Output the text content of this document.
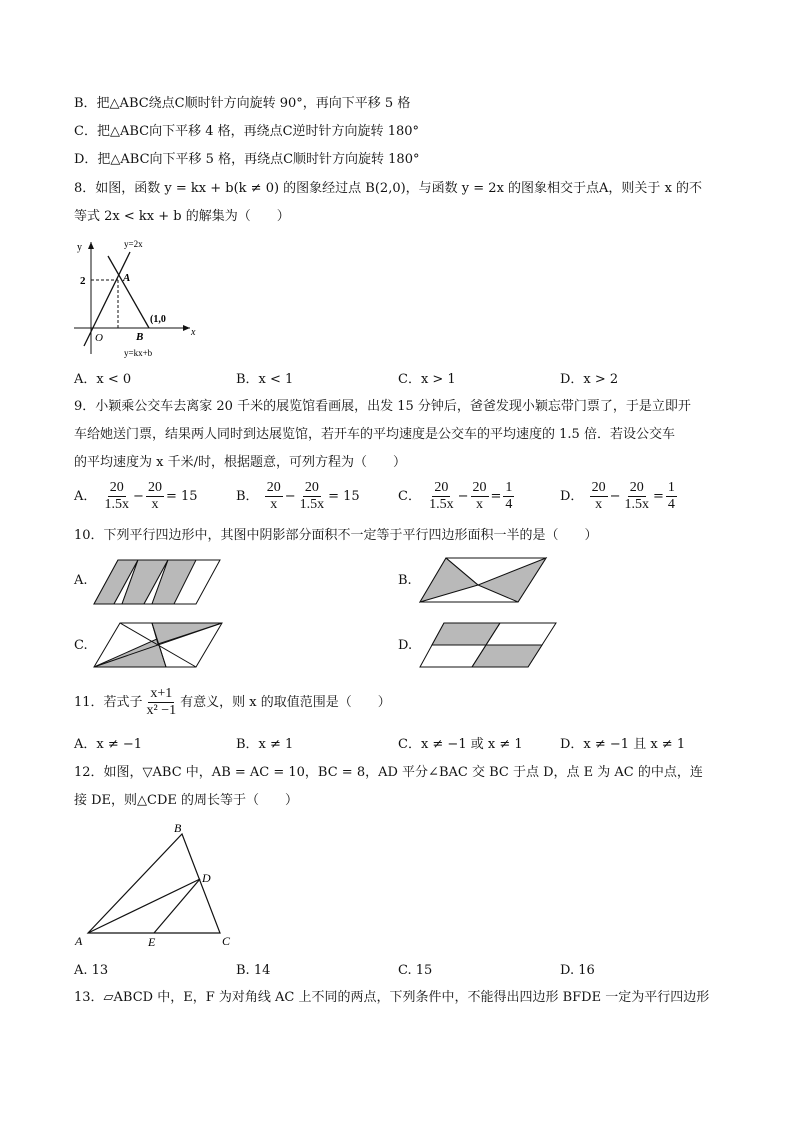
B．把△ABC绕点C顺时针方向旋转 90°，再向下平移 5 格
C．把△ABC向下平移 4 格，再绕点C逆时针方向旋转 180°
D．把△ABC向下平移 5 格，再绕点C顺时针方向旋转 180°
8．如图，函数 y = kx + b(k ≠ 0) 的图象经过点 B(2,0)，与函数 y = 2x 的图象相交于点A，则关于 x 的不
等式 2x < kx + b 的解集为（　　）
y
x
2
O
A
B
(1,0
y=2x
y=kx+b
A．x < 0	B．x < 1	C．x > 1	D．x > 2
9．小颖乘公交车去离家 20 千米的展览馆看画展，出发 15 分钟后，爸爸发现小颖忘带门票了，于是立即开
车给她送门票，结果两人同时到达展览馆，若开车的平均速度是公交车的平均速度的 1.5 倍．若设公交车
的平均速度为 x 千米/时，根据题意，可列方程为（　　）
A． $\frac{20}{1.5x} - \frac{20}{x} = 15$	B． $\frac{20}{x} - \frac{20}{1.5x} = 15$	C． $\frac{20}{1.5x} - \frac{20}{x} = \frac{1}{4}$	D． $\frac{20}{x} - \frac{20}{1.5x} = \frac{1}{4}$
10．下列平行四边形中，其图中阴影部分面积不一定等于平行四边形面积一半的是（　　）
A.	B.
C.	D.
11．若式子 $\frac{x+1}{\text{x² −1}}$ 有意义，则 x 的取值范围是（　　）
A．x ≠ −1	B．x ≠ 1	C．x ≠ −1 或 x ≠ 1	D．x ≠ −1 且 x ≠ 1
12．如图，▽ABC 中，AB = AC = 10，BC = 8，AD 平分∠BAC 交 BC 于点 D，点 E 为 AC 的中点，连
接 DE，则△CDE 的周长等于（　　）
A
B
C
D
E
A. 13	B. 14	C. 15	D. 16
13．▱ABCD 中，E，F 为对角线 AC 上不同的两点，下列条件中，不能得出四边形 BFDE 一定为平行四边形
